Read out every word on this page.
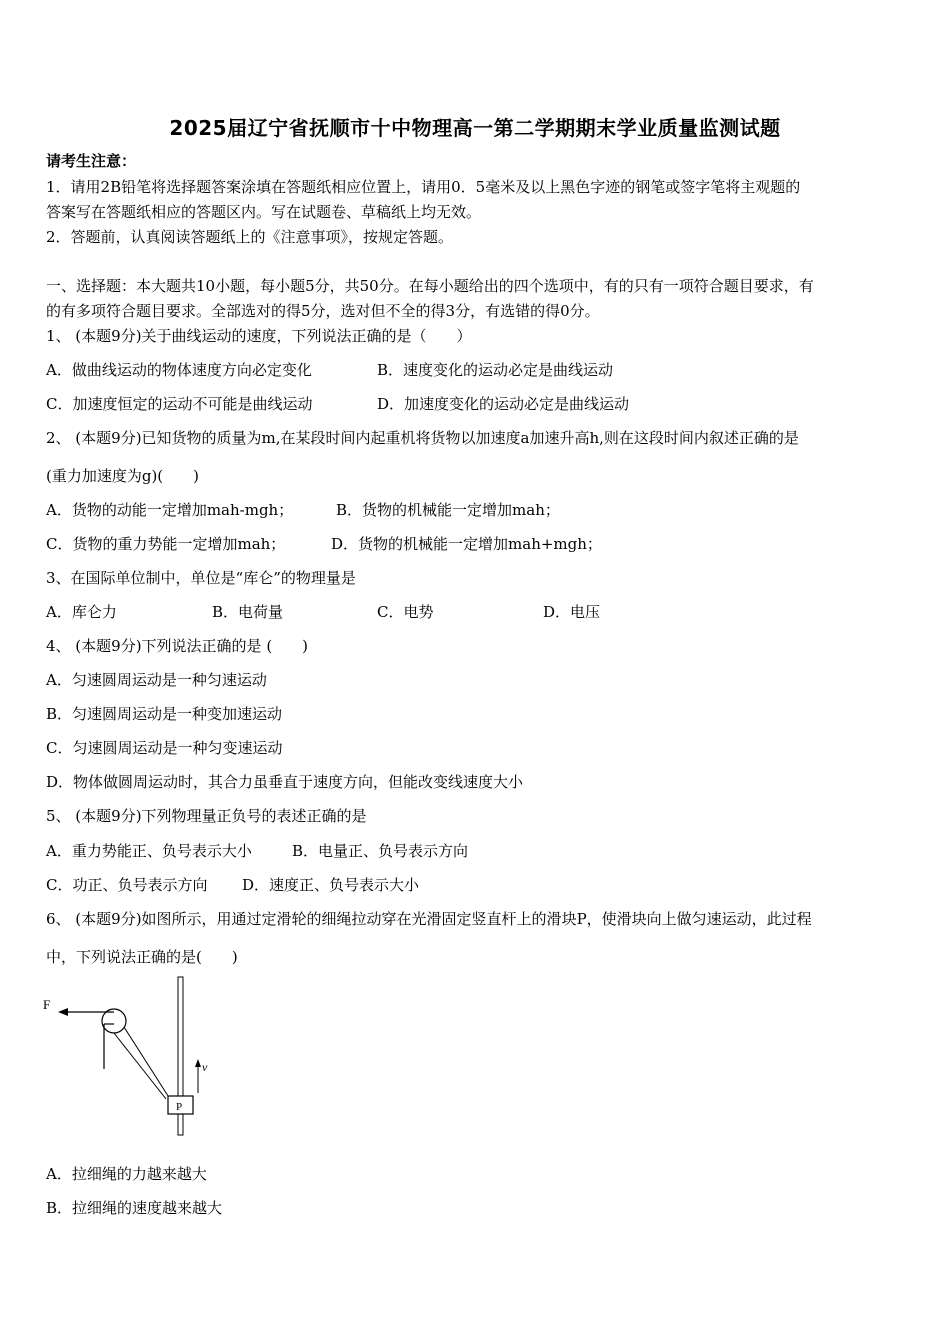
2025届辽宁省抚顺市十中物理高一第二学期期末学业质量监测试题
请考生注意：
1．请用2B铅笔将选择题答案涂填在答题纸相应位置上，请用0．5毫米及以上黑色字迹的钢笔或签字笔将主观题的
答案写在答题纸相应的答题区内。写在试题卷、草稿纸上均无效。
2．答题前，认真阅读答题纸上的《注意事项》，按规定答题。
一、选择题：本大题共10小题，每小题5分，共50分。在每小题给出的四个选项中，有的只有一项符合题目要求，有
的有多项符合题目要求。全部选对的得5分，选对但不全的得3分，有选错的得0分。
1、 (本题9分)关于曲线运动的速度，下列说法正确的是（　　）
A．做曲线运动的物体速度方向必定变化	B．速度变化的运动必定是曲线运动
C．加速度恒定的运动不可能是曲线运动	D．加速度变化的运动必定是曲线运动
2、 (本题9分)已知货物的质量为m,在某段时间内起重机将货物以加速度a加速升高h,则在这段时间内叙述正确的是
(重力加速度为g)(　　)
A．货物的动能一定增加mah-mgh；	B．货物的机械能一定增加mah；
C．货物的重力势能一定增加mah；	D．货物的机械能一定增加mah+mgh；
3、在国际单位制中，单位是“库仑”的物理量是
A．库仑力	B．电荷量	C．电势	D．电压
4、 (本题9分)下列说法正确的是 (　　)
A．匀速圆周运动是一种匀速运动
B．匀速圆周运动是一种变加速运动
C．匀速圆周运动是一种匀变速运动
D．物体做圆周运动时，其合力虽垂直于速度方向，但能改变线速度大小
5、 (本题9分)下列物理量正负号的表述正确的是
A．重力势能正、负号表示大小	B．电量正、负号表示方向
C．功正、负号表示方向 D．速度正、负号表示大小
6、 (本题9分)如图所示，用通过定滑轮的细绳拉动穿在光滑固定竖直杆上的滑块P，使滑块向上做匀速运动，此过程
中，下列说法正确的是(　　)
F
P
v
A．拉细绳的力越来越大
B．拉细绳的速度越来越大
